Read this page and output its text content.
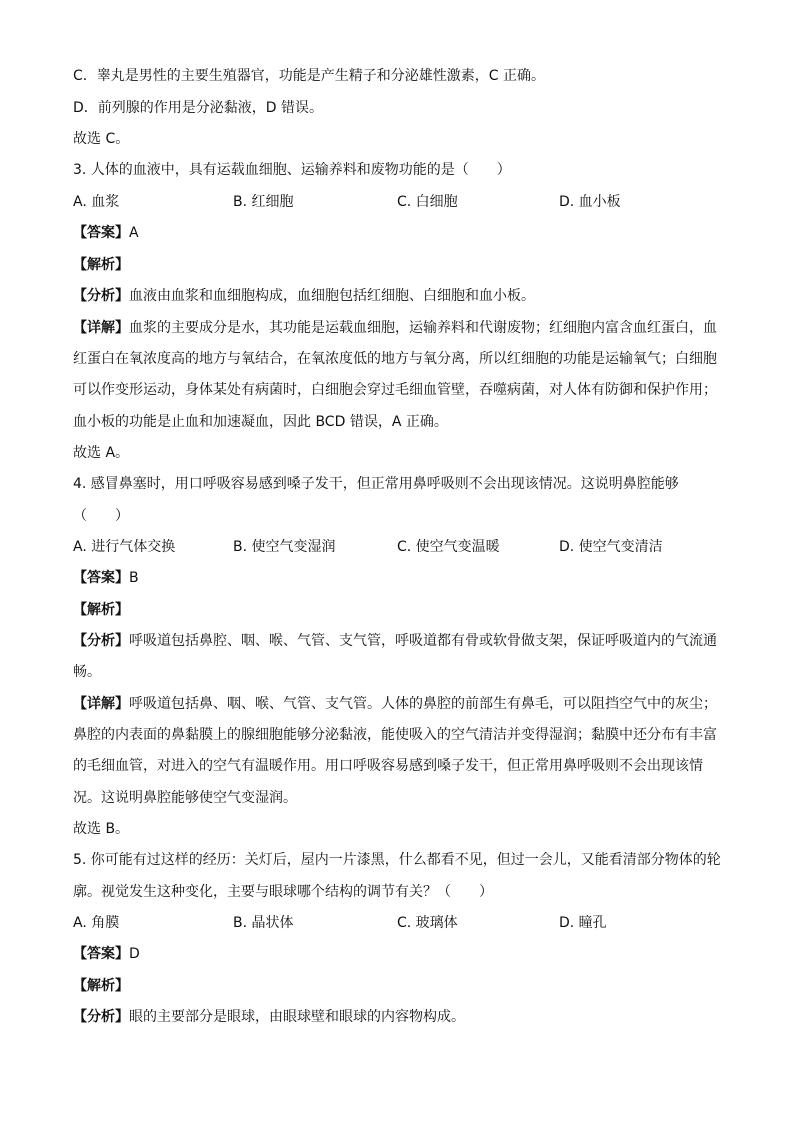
C．睾丸是男性的主要生殖器官，功能是产生精子和分泌雄性激素，C 正确。
D．前列腺的作用是分泌黏液，D 错误。
故选 C。
3. 人体的血液中，具有运载血细胞、运输养料和废物功能的是（　　）
A. 血浆	B. 红细胞	C. 白细胞	D. 血小板
【答案】A
【解析】
【分析】血液由血浆和血细胞构成，血细胞包括红细胞、白细胞和血小板。
【详解】血浆的主要成分是水，其功能是运载血细胞，运输养料和代谢废物；红细胞内富含血红蛋白，血
红蛋白在氧浓度高的地方与氧结合，在氧浓度低的地方与氧分离，所以红细胞的功能是运输氧气；白细胞
可以作变形运动，身体某处有病菌时，白细胞会穿过毛细血管壁，吞噬病菌，对人体有防御和保护作用；
血小板的功能是止血和加速凝血，因此 BCD 错误，A 正确。
故选 A。
4. 感冒鼻塞时，用口呼吸容易感到嗓子发干，但正常用鼻呼吸则不会出现该情况。这说明鼻腔能够
（　　）
A. 进行气体交换	B. 使空气变湿润	C. 使空气变温暖	D. 使空气变清洁
【答案】B
【解析】
【分析】呼吸道包括鼻腔、咽、喉、气管、支气管，呼吸道都有骨或软骨做支架，保证呼吸道内的气流通
畅。
【详解】呼吸道包括鼻、咽、喉、气管、支气管。人体的鼻腔的前部生有鼻毛，可以阻挡空气中的灰尘；
鼻腔的内表面的鼻黏膜上的腺细胞能够分泌黏液，能使吸入的空气清洁并变得湿润；黏膜中还分布有丰富
的毛细血管，对进入的空气有温暖作用。用口呼吸容易感到嗓子发干，但正常用鼻呼吸则不会出现该情
况。这说明鼻腔能够使空气变湿润。
故选 B。
5. 你可能有过这样的经历：关灯后，屋内一片漆黑，什么都看不见，但过一会儿，又能看清部分物体的轮
廓。视觉发生这种变化，主要与眼球哪个结构的调节有关？（　　）
A. 角膜	B. 晶状体	C. 玻璃体	D. 瞳孔
【答案】D
【解析】
【分析】眼的主要部分是眼球，由眼球壁和眼球的内容物构成。
